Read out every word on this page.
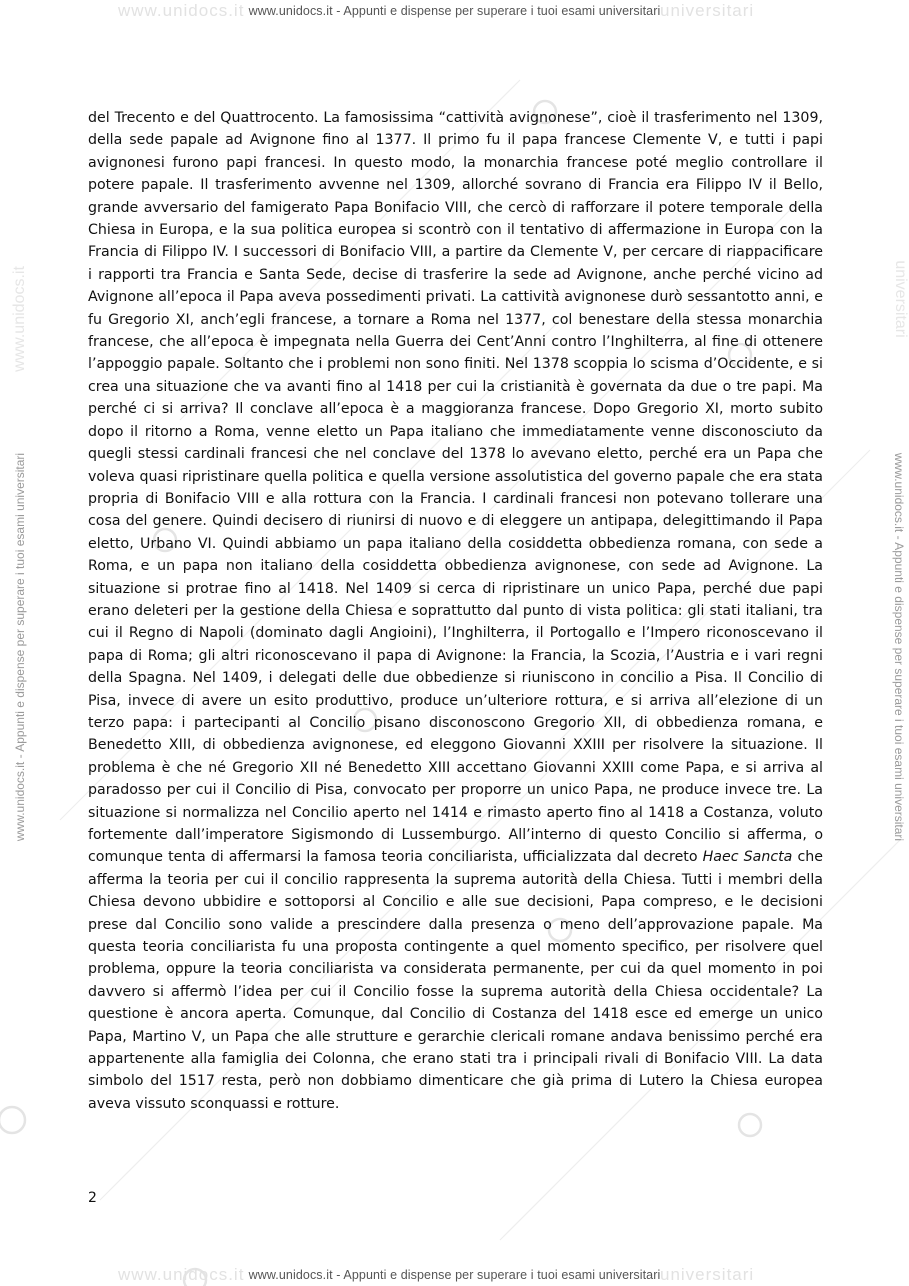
www.unidocs.it	universitari
www.unidocs.it - Appunti e dispense per superare i tuoi esami universitari
www.unidocs.it - Appunti e dispense per superare i tuoi esami universitari	www.unidocs.it - Appunti e dispense per superare i tuoi esami universitari
www.unidocs.it	universitari

del Trecento e del Quattrocento. La famosissima “cattività avignonese”, cioè il trasferimento nel 1309, della sede papale ad Avignone fino al 1377. Il primo fu il papa francese Clemente V, e tutti i papi avignonesi furono papi francesi. In questo modo, la monarchia francese poté meglio controllare il potere papale. Il trasferimento avvenne nel 1309, allorché sovrano di Francia era Filippo IV il Bello, grande avversario del famigerato Papa Bonifacio VIII, che cercò di rafforzare il potere temporale della Chiesa in Europa, e la sua politica europea si scontrò con il tentativo di affermazione in Europa con la Francia di Filippo IV. I successori di Bonifacio VIII, a partire da Clemente V, per cercare di riappacificare i rapporti tra Francia e Santa Sede, decise di trasferire la sede ad Avignone, anche perché vicino ad Avignone all’epoca il Papa aveva possedimenti privati. La cattività avignonese durò sessantotto anni, e fu Gregorio XI, anch’egli francese, a tornare a Roma nel 1377, col benestare della stessa monarchia francese, che all’epoca è impegnata nella Guerra dei Cent’Anni contro l’Inghilterra, al fine di ottenere l’appoggio papale. Soltanto che i problemi non sono finiti. Nel 1378 scoppia lo scisma d’Occidente, e si crea una situazione che va avanti fino al 1418 per cui la cristianità è governata da due o tre papi. Ma perché ci si arriva? Il conclave all’epoca è a maggioranza francese. Dopo Gregorio XI, morto subito dopo il ritorno a Roma, venne eletto un Papa italiano che immediatamente venne disconosciuto da quegli stessi cardinali francesi che nel conclave del 1378 lo avevano eletto, perché era un Papa che voleva quasi ripristinare quella politica e quella versione assolutistica del governo papale che era stata propria di Bonifacio VIII e alla rottura con la Francia. I cardinali francesi non potevano tollerare una cosa del genere. Quindi decisero di riunirsi di nuovo e di eleggere un antipapa, delegittimando il Papa eletto, Urbano VI. Quindi abbiamo un papa italiano della cosiddetta obbedienza romana, con sede a Roma, e un papa non italiano della cosiddetta obbedienza avignonese, con sede ad Avignone. La situazione si protrae fino al 1418. Nel 1409 si cerca di ripristinare un unico Papa, perché due papi erano deleteri per la gestione della Chiesa e soprattutto dal punto di vista politica: gli stati italiani, tra cui il Regno di Napoli (dominato dagli Angioini), l’Inghilterra, il Portogallo e l’Impero riconoscevano il papa di Roma; gli altri riconoscevano il papa di Avignone: la Francia, la Scozia, l’Austria e i vari regni della Spagna. Nel 1409, i delegati delle due obbedienze si riuniscono in concilio a Pisa. Il Concilio di Pisa, invece di avere un esito produttivo, produce un’ulteriore rottura, e si arriva all’elezione di un terzo papa: i partecipanti al Concilio pisano disconoscono Gregorio XII, di obbedienza romana, e Benedetto XIII, di obbedienza avignonese, ed eleggono Giovanni XXIII per risolvere la situazione. Il problema è che né Gregorio XII né Benedetto XIII accettano Giovanni XXIII come Papa, e si arriva al paradosso per cui il Concilio di Pisa, convocato per proporre un unico Papa, ne produce invece tre. La situazione si normalizza nel Concilio aperto nel 1414 e rimasto aperto fino al 1418 a Costanza, voluto fortemente dall’imperatore Sigismondo di Lussemburgo. All’interno di questo Concilio si afferma, o comunque tenta di affermarsi la famosa teoria conciliarista, ufficializzata dal decreto Haec Sancta che afferma la teoria per cui il concilio rappresenta la suprema autorità della Chiesa. Tutti i membri della Chiesa devono ubbidire e sottoporsi al Concilio e alle sue decisioni, Papa compreso, e le decisioni prese dal Concilio sono valide a prescindere dalla presenza o meno dell’approvazione papale. Ma questa teoria conciliarista fu una proposta contingente a quel momento specifico, per risolvere quel problema, oppure la teoria conciliarista va considerata permanente, per cui da quel momento in poi davvero si affermò l’idea per cui il Concilio fosse la suprema autorità della Chiesa occidentale? La questione è ancora aperta. Comunque, dal Concilio di Costanza del 1418 esce ed emerge un unico Papa, Martino V, un Papa che alle strutture e gerarchie clericali romane andava benissimo perché era appartenente alla famiglia dei Colonna, che erano stati tra i principali rivali di Bonifacio VIII. La data simbolo del 1517 resta, però non dobbiamo dimenticare che già prima di Lutero la Chiesa europea aveva vissuto sconquassi e rotture.

2
www.unidocs.it	universitari
www.unidocs.it - Appunti e dispense per superare i tuoi esami universitari
